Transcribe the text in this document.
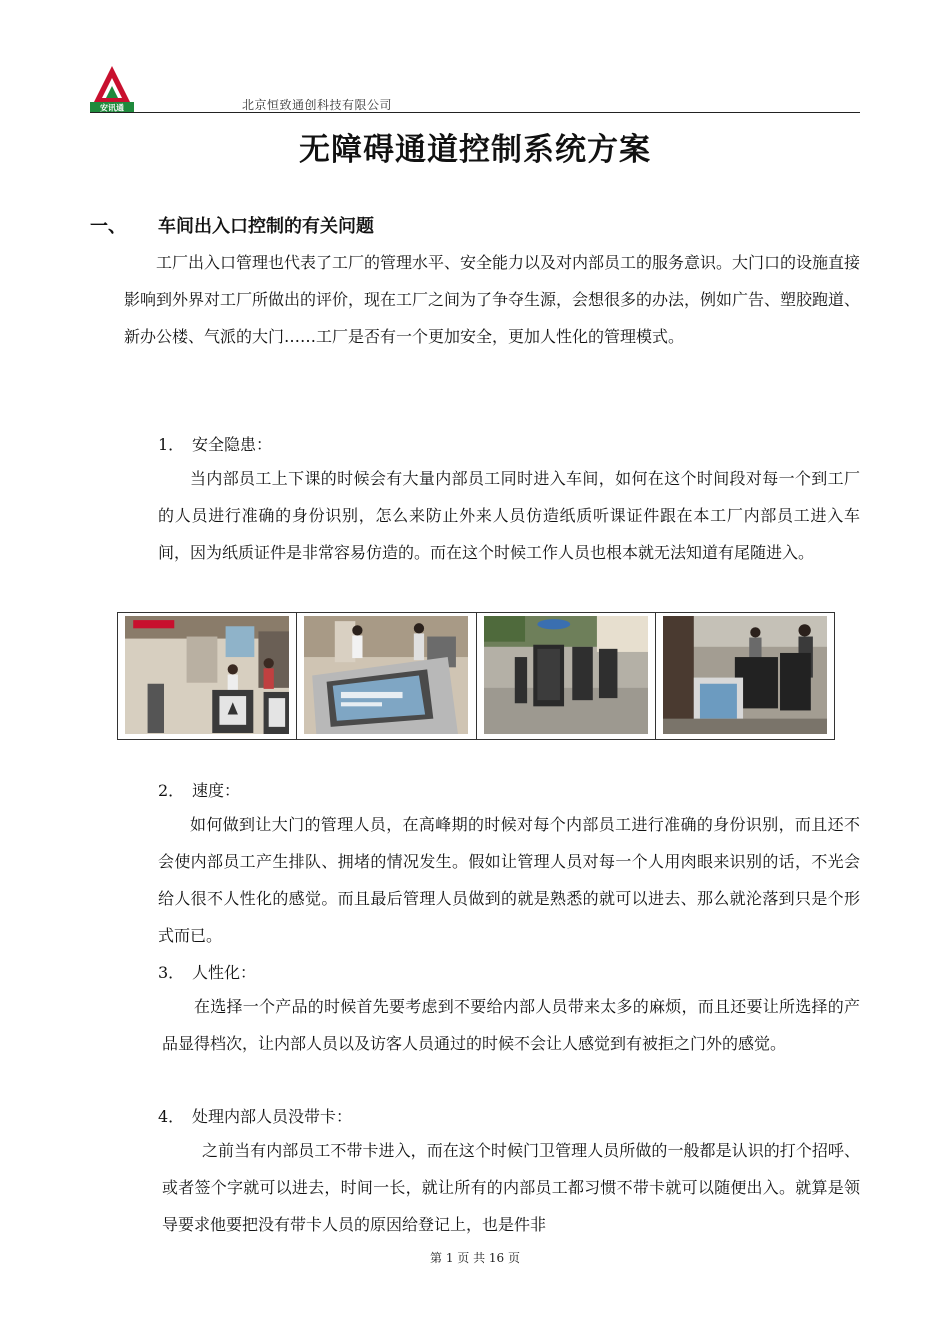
安讯通	北京恒致通创科技有限公司
无障碍通道控制系统方案
一、 车间出入口控制的有关问题
工厂出入口管理也代表了工厂的管理水平、安全能力以及对内部员工的服务意识。大门口的设施直接影响到外界对工厂所做出的评价，现在工厂之间为了争夺生源，会想很多的办法，例如广告、塑胶跑道、新办公楼、气派的大门……工厂是否有一个更加安全，更加人性化的管理模式。
1． 安全隐患：
当内部员工上下课的时候会有大量内部员工同时进入车间，如何在这个时间段对每一个到工厂的人员进行准确的身份识别，怎么来防止外来人员仿造纸质听课证件跟在本工厂内部员工进入车间，因为纸质证件是非常容易仿造的。而在这个时候工作人员也根本就无法知道有尾随进入。
2． 速度：
如何做到让大门的管理人员，在高峰期的时候对每个内部员工进行准确的身份识别，而且还不会使内部员工产生排队、拥堵的情况发生。假如让管理人员对每一个人用肉眼来识别的话，不光会给人很不人性化的感觉。而且最后管理人员做到的就是熟悉的就可以进去、那么就沦落到只是个形式而已。
3． 人性化：
在选择一个产品的时候首先要考虑到不要给内部人员带来太多的麻烦，而且还要让所选择的产品显得档次，让内部人员以及访客人员通过的时候不会让人感觉到有被拒之门外的感觉。
4． 处理内部人员没带卡：
之前当有内部员工不带卡进入，而在这个时候门卫管理人员所做的一般都是认识的打个招呼、或者签个字就可以进去，时间一长，就让所有的内部员工都习惯不带卡就可以随便出入。就算是领导要求他要把没有带卡人员的原因给登记上，也是件非
第 1 页 共 16 页
